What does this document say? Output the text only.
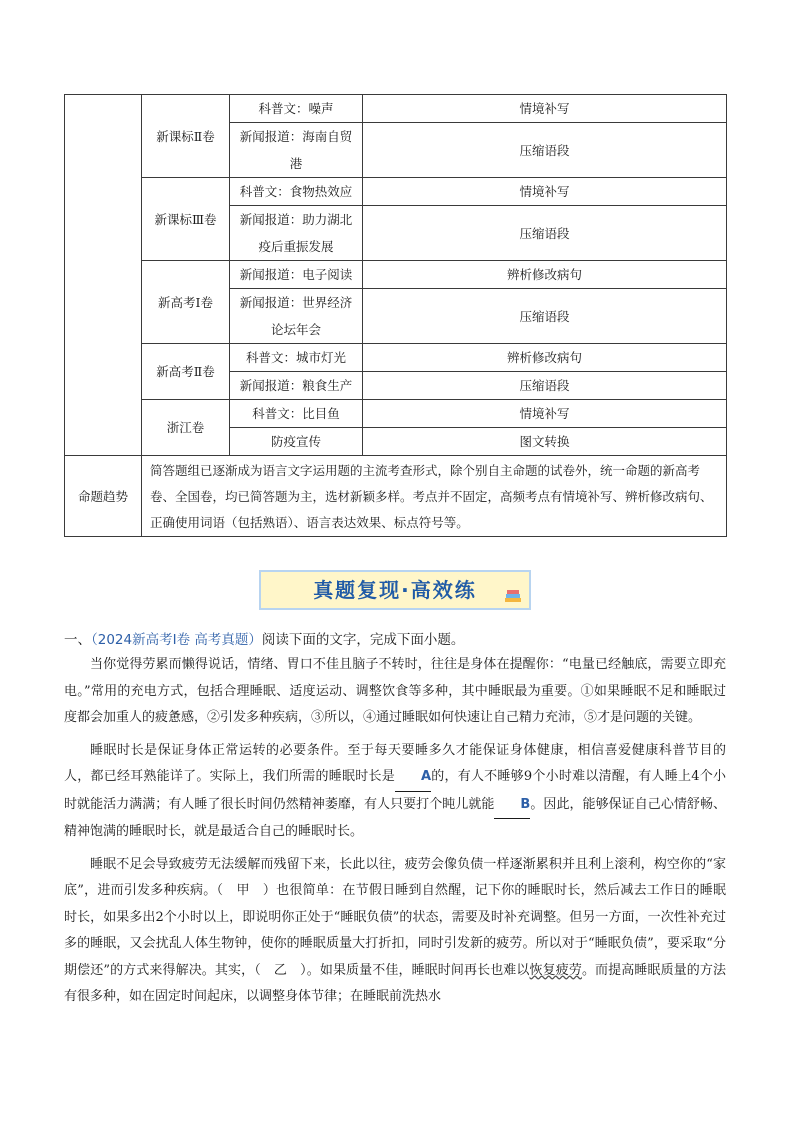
	新课标Ⅱ卷	科普文：噪声	情境补写
		新闻报道：海南自贸港	压缩语段
	新课标Ⅲ卷	科普文：食物热效应	情境补写
		新闻报道：助力湖北疫后重振发展	压缩语段
	新高考Ⅰ卷	新闻报道：电子阅读	辨析修改病句
		新闻报道：世界经济论坛年会	压缩语段
	新高考Ⅱ卷	科普文：城市灯光	辨析修改病句
		新闻报道：粮食生产	压缩语段
	浙江卷	科普文：比目鱼	情境补写
		防疫宣传	图文转换
命题趋势	简答题组已逐渐成为语言文字运用题的主流考查形式，除个别自主命题的试卷外，统一命题的新高考卷、全国卷，均已简答题为主，选材新颖多样。考点并不固定，高频考点有情境补写、辨析修改病句、正确使用词语（包括熟语）、语言表达效果、标点符号等。		
真题复现·高效练
一、（2024新高考Ⅰ卷 高考真题）阅读下面的文字，完成下面小题。

当你觉得劳累而懒得说话，情绪、胃口不佳且脑子不转时，往往是身体在提醒你：“电量已经触底，需要立即充电。”常用的充电方式，包括合理睡眠、适度运动、调整饮食等多种，其中睡眠最为重要。①如果睡眠不足和睡眠过度都会加重人的疲惫感，②引发多种疾病，③所以，④通过睡眠如何快速让自己精力充沛，⑤才是问题的关键。

睡眠时长是保证身体正常运转的必要条件。至于每天要睡多久才能保证身体健康，相信喜爱健康科普节目的人，都已经耳熟能详了。实际上，我们所需的睡眠时长是 A的，有人不睡够9个小时难以清醒，有人睡上4个小时就能活力满满；有人睡了很长时间仍然精神萎靡，有人只要打个盹儿就能 B。因此，能够保证自己心情舒畅、精神饱满的睡眠时长，就是最适合自己的睡眠时长。

睡眠不足会导致疲劳无法缓解而残留下来，长此以往，疲劳会像负债一样逐渐累积并且利上滚利，构空你的“家底”，进而引发多种疾病。（　甲　）也很简单：在节假日睡到自然醒，记下你的睡眠时长，然后减去工作日的睡眠时长，如果多出2个小时以上，即说明你正处于“睡眠负债”的状态，需要及时补充调整。但另一方面，一次性补充过多的睡眠，又会扰乱人体生物钟，使你的睡眠质量大打折扣，同时引发新的疲劳。所以对于“睡眠负债”，要采取“分期偿还”的方式来得解决。其实，（　乙　）。如果质量不佳，睡眠时间再长也难以恢复疲劳。而提高睡眠质量的方法有很多种，如在固定时间起床，以调整身体节律；在睡眠前洗热水
